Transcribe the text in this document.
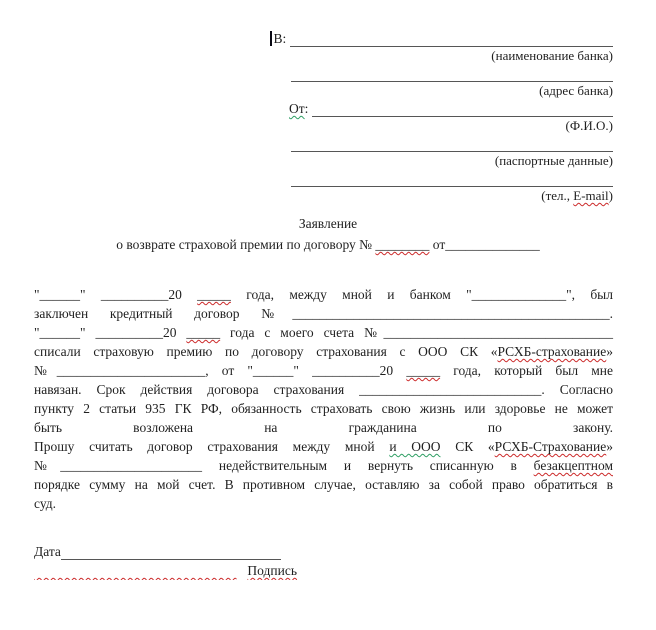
В:
(наименование банка)
(адрес банка)
От:
(Ф.И.О.)
(паспортные данные)
(тел., E-mail)
Заявление
о возврате страховой премии по договору № ________ от______________
"______" __________20 _____ года, между мной и банком "______________", был
заключен кредитный договор №_______________________________________________.
"______" __________20 _____ года с моего счета №__________________________________
списали страховую премию по договору страхования с ООО СК «РСХБ-страхование»
№______________________, от "______" __________20 _____ года, который был мне
навязан. Срок действия договора страхования ___________________________. Согласно
пункту 2 статьи 935 ГК РФ, обязанность страховать свою жизнь или здоровье не может
быть возложена на гражданина по закону.
Прошу считать договор страхования между мной и ООО СК «РСХБ-Страхование»
№_____________________ недействительным и вернуть списанную в безакцептном
порядке сумму на мой счет. В противном случае, оставляю за собой право обратиться в
суд.
Дата

Подпись
